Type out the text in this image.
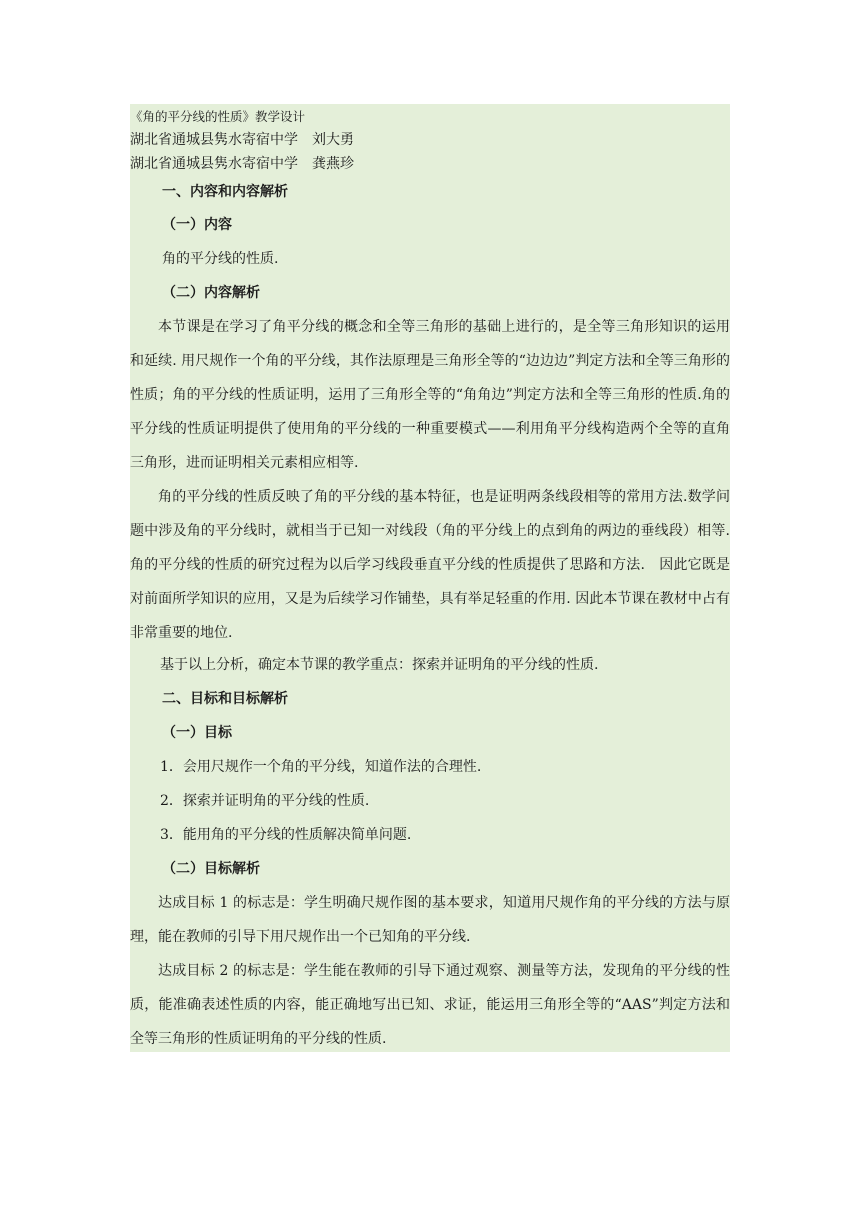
《角的平分线的性质》教学设计
湖北省通城县隽水寄宿中学　刘大勇
湖北省通城县隽水寄宿中学　龚燕珍
一、内容和内容解析
（一）内容
角的平分线的性质.
（二）内容解析
本节课是在学习了角平分线的概念和全等三角形的基础上进行的，是全等三角形知识的运用和延续. 用尺规作一个角的平分线，其作法原理是三角形全等的“边边边”判定方法和全等三角形的性质；角的平分线的性质证明，运用了三角形全等的“角角边”判定方法和全等三角形的性质.角的平分线的性质证明提供了使用角的平分线的一种重要模式——利用角平分线构造两个全等的直角三角形，进而证明相关元素相应相等.
角的平分线的性质反映了角的平分线的基本特征，也是证明两条线段相等的常用方法.数学问题中涉及角的平分线时，就相当于已知一对线段（角的平分线上的点到角的两边的垂线段）相等. 角的平分线的性质的研究过程为以后学习线段垂直平分线的性质提供了思路和方法.　因此它既是对前面所学知识的应用，又是为后续学习作铺垫，具有举足轻重的作用. 因此本节课在教材中占有非常重要的地位.
基于以上分析，确定本节课的教学重点：探索并证明角的平分线的性质.
二、目标和目标解析
（一）目标
1．会用尺规作一个角的平分线，知道作法的合理性.
2．探索并证明角的平分线的性质.
3．能用角的平分线的性质解决简单问题.
（二）目标解析
达成目标 1 的标志是：学生明确尺规作图的基本要求，知道用尺规作角的平分线的方法与原理，能在教师的引导下用尺规作出一个已知角的平分线.
达成目标 2 的标志是：学生能在教师的引导下通过观察、测量等方法，发现角的平分线的性质，能准确表述性质的内容，能正确地写出已知、求证，能运用三角形全等的“AAS”判定方法和全等三角形的性质证明角的平分线的性质.
